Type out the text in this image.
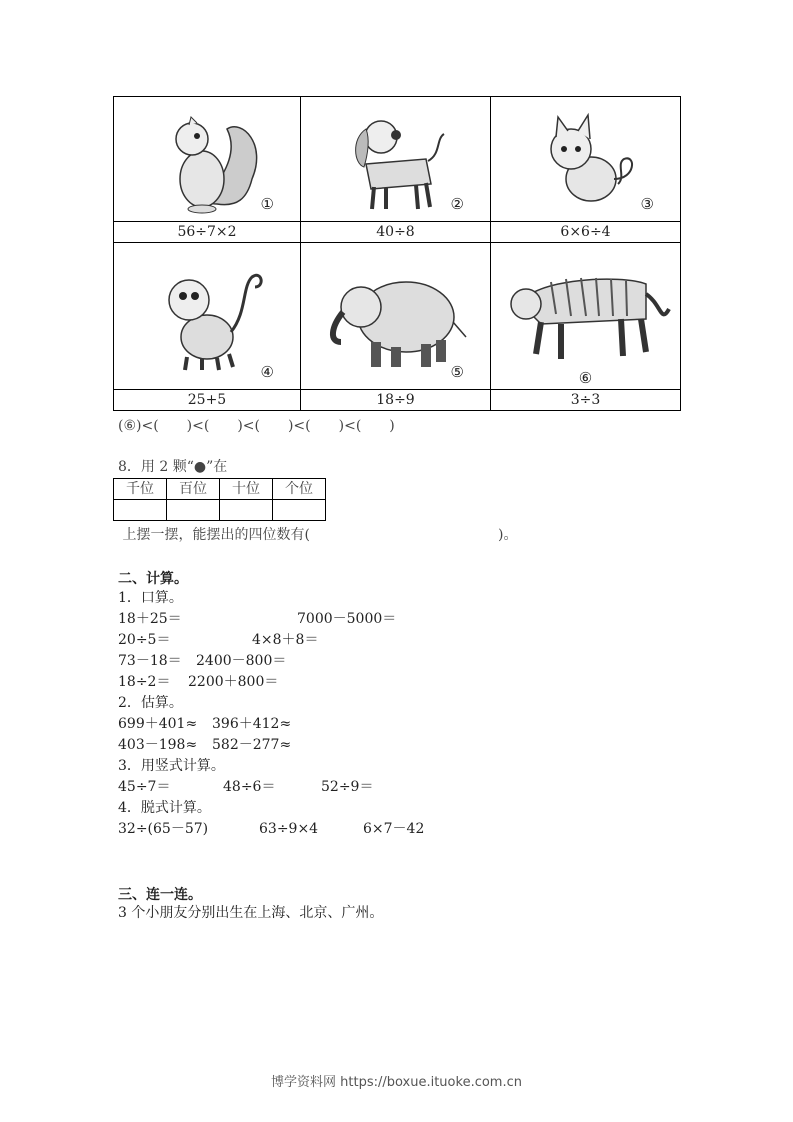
①	②	③

56÷7×2	40÷8	6×6÷4

④	⑤	⑥

25+5	18÷9	3÷3
(⑥)<(　　)<(　　)<(　　)<(　　)<(　　)
8．用 2 颗“●”在
千位	百位	十位	个位

上摆一摆，能摆出的四位数有(	)。
二、计算。
1．口算。
18＋25＝	7000－5000＝
20÷5＝	4×8＋8＝
73－18＝ 2400－800＝
18÷2＝ 2200＋800＝
2．估算。
699＋401≈ 396＋412≈
403－198≈ 582－277≈
3．用竖式计算。
45÷7＝	48÷6＝	52÷9＝
4．脱式计算。
32÷(65－57)	63÷9×4	6×7－42
三、连一连。
3 个小朋友分别出生在上海、北京、广州。
博学资料网 https://boxue.ituoke.com.cn
